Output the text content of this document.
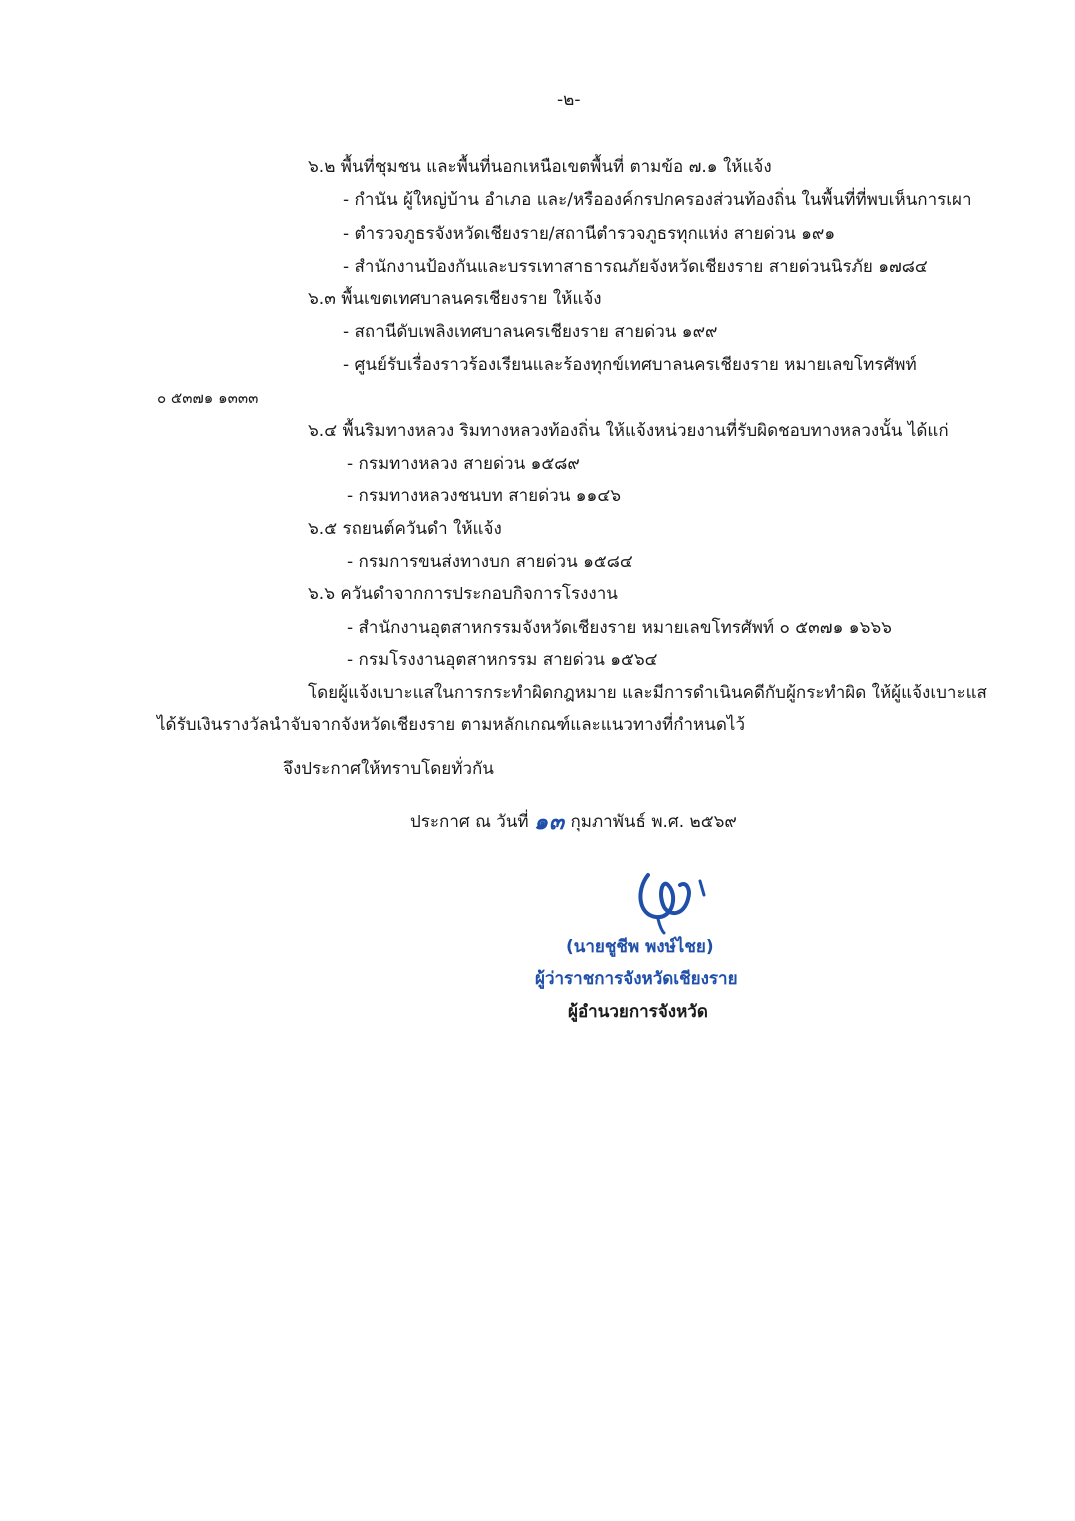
-๒-
๖.๒ พื้นที่ชุมชน และพื้นที่นอกเหนือเขตพื้นที่ ตามข้อ ๗.๑ ให้แจ้ง
- กำนัน ผู้ใหญ่บ้าน อำเภอ และ/หรือองค์กรปกครองส่วนท้องถิ่น ในพื้นที่ที่พบเห็นการเผา
- ตำรวจภูธรจังหวัดเชียงราย/สถานีตำรวจภูธรทุกแห่ง สายด่วน ๑๙๑
- สำนักงานป้องกันและบรรเทาสาธารณภัยจังหวัดเชียงราย สายด่วนนิรภัย ๑๗๘๔
๖.๓ พื้นเขตเทศบาลนครเชียงราย ให้แจ้ง
- สถานีดับเพลิงเทศบาลนครเชียงราย สายด่วน ๑๙๙
- ศูนย์รับเรื่องราวร้องเรียนและร้องทุกข์เทศบาลนครเชียงราย หมายเลขโทรศัพท์
๐ ๕๓๗๑ ๑๓๓๓
๖.๔ พื้นริมทางหลวง ริมทางหลวงท้องถิ่น ให้แจ้งหน่วยงานที่รับผิดชอบทางหลวงนั้น ได้แก่
- กรมทางหลวง สายด่วน ๑๕๘๙
- กรมทางหลวงชนบท สายด่วน ๑๑๔๖
๖.๕ รถยนต์ควันดำ ให้แจ้ง
- กรมการขนส่งทางบก สายด่วน ๑๕๘๔
๖.๖ ควันดำจากการประกอบกิจการโรงงาน
- สำนักงานอุตสาหกรรมจังหวัดเชียงราย หมายเลขโทรศัพท์ ๐ ๕๓๗๑ ๑๖๖๖
- กรมโรงงานอุตสาหกรรม สายด่วน ๑๕๖๔
โดยผู้แจ้งเบาะแสในการกระทำผิดกฎหมาย และมีการดำเนินคดีกับผู้กระทำผิด ให้ผู้แจ้งเบาะแส
ได้รับเงินรางวัลนำจับจากจังหวัดเชียงราย ตามหลักเกณฑ์และแนวทางที่กำหนดไว้
จึงประกาศให้ทราบโดยทั่วกัน
ประกาศ ณ วันที่ ๑๓ กุมภาพันธ์ พ.ศ. ๒๕๖๙
(นายชูชีพ พงษ์ไชย)
ผู้ว่าราชการจังหวัดเชียงราย
ผู้อำนวยการจังหวัด
